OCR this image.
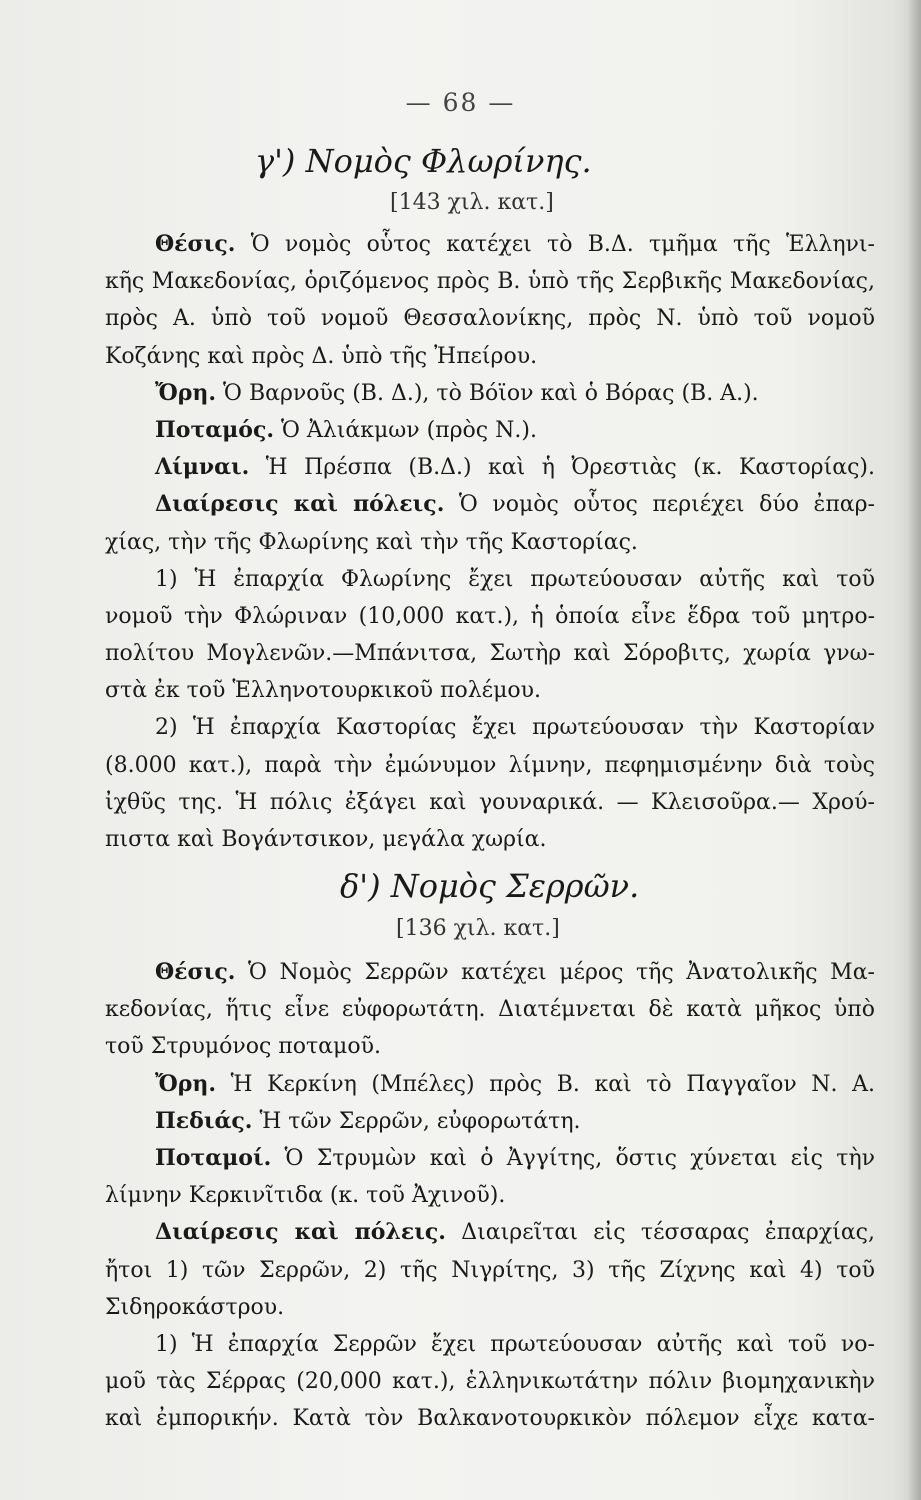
— 68 —
γ') Νομὸς Φλωρίνης.
[143 χιλ. κατ.]
Θέσις. Ὁ νομὸς οὗτος κατέχει τὸ Β.Δ. τμῆμα τῆς Ἑλληνι-
κῆς Μακεδονίας, ὁριζόμενος πρὸς Β. ὑπὸ τῆς Σερβικῆς Μακεδονίας,
πρὸς Α. ὑπὸ τοῦ νομοῦ Θεσσαλονίκης, πρὸς Ν. ὑπὸ τοῦ νομοῦ
Κοζάνης καὶ πρὸς Δ. ὑπὸ τῆς Ἠπείρου.
Ὄρη. Ὁ Βαρνοῦς (Β. Δ.), τὸ Βόϊον καὶ ὁ Βόρας (Β. Α.).
Ποταμός. Ὁ Ἀλιάκμων (πρὸς Ν.).
Λίμναι. Ἡ Πρέσπα (Β.Δ.) καὶ ἡ Ὀρεστιὰς (κ. Καστορίας).
Διαίρεσις καὶ πόλεις. Ὁ νομὸς οὗτος περιέχει δύο ἐπαρ-
χίας, τὴν τῆς Φλωρίνης καὶ τὴν τῆς Καστορίας.
1) Ἡ ἐπαρχία Φλωρίνης ἔχει πρωτεύουσαν αὐτῆς καὶ τοῦ
νομοῦ τὴν Φλώριναν (10,000 κατ.), ἡ ὁποία εἶνε ἕδρα τοῦ μητρο-
πολίτου Μογλενῶν.—Μπάνιτσα, Σωτὴρ καὶ Σόροβιτς, χωρία γνω-
στὰ ἐκ τοῦ Ἑλληνοτουρκικοῦ πολέμου.
2) Ἡ ἐπαρχία Καστορίας ἔχει πρωτεύουσαν τὴν Καστορίαν
(8.000 κατ.), παρὰ τὴν ἐμώνυμον λίμνην, πεφημισμένην διὰ τοὺς
ἰχθῦς της. Ἡ πόλις ἐξάγει καὶ γουναρικά. — Κλεισοῦρα.— Χρού-
πιστα καὶ Βογάντσικον, μεγάλα χωρία.
δ') Νομὸς Σερρῶν.
[136 χιλ. κατ.]
Θέσις. Ὁ Νομὸς Σερρῶν κατέχει μέρος τῆς Ἀνατολικῆς Μα-
κεδονίας, ἥτις εἶνε εὐφορωτάτη. Διατέμνεται δὲ κατὰ μῆκος ὑπὸ
τοῦ Στρυμόνος ποταμοῦ.
Ὄρη. Ἡ Κερκίνη (Μπέλες) πρὸς Β. καὶ τὸ Παγγαῖον Ν. Α.
Πεδιάς. Ἡ τῶν Σερρῶν, εὐφορωτάτη.
Ποταμοί. Ὁ Στρυμὼν καὶ ὁ Ἀγγίτης, ὅστις χύνεται εἰς τὴν
λίμνην Κερκινῖτιδα (κ. τοῦ Ἀχινοῦ).
Διαίρεσις καὶ πόλεις. Διαιρεῖται εἰς τέσσαρας ἐπαρχίας,
ἤτοι 1) τῶν Σερρῶν, 2) τῆς Νιγρίτης, 3) τῆς Ζίχνης καὶ 4) τοῦ
Σιδηροκάστρου.
1) Ἡ ἐπαρχία Σερρῶν ἔχει πρωτεύουσαν αὐτῆς καὶ τοῦ νο-
μοῦ τὰς Σέρρας (20,000 κατ.), ἑλληνικωτάτην πόλιν βιομηχανικὴν
καὶ ἐμπορικήν. Κατὰ τὸν Βαλκανοτουρκικὸν πόλεμον εἶχε κατα-
